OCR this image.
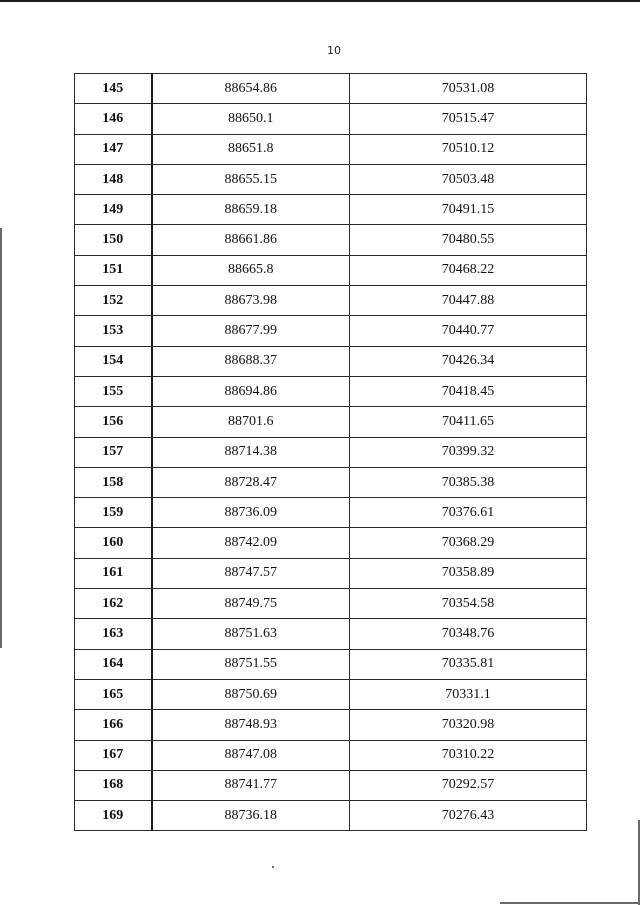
10
145	88654.86	70531.08
146	88650.1	70515.47
147	88651.8	70510.12
148	88655.15	70503.48
149	88659.18	70491.15
150	88661.86	70480.55
151	88665.8	70468.22
152	88673.98	70447.88
153	88677.99	70440.77
154	88688.37	70426.34
155	88694.86	70418.45
156	88701.6	70411.65
157	88714.38	70399.32
158	88728.47	70385.38
159	88736.09	70376.61
160	88742.09	70368.29
161	88747.57	70358.89
162	88749.75	70354.58
163	88751.63	70348.76
164	88751.55	70335.81
165	88750.69	70331.1
166	88748.93	70320.98
167	88747.08	70310.22
168	88741.77	70292.57
169	88736.18	70276.43
